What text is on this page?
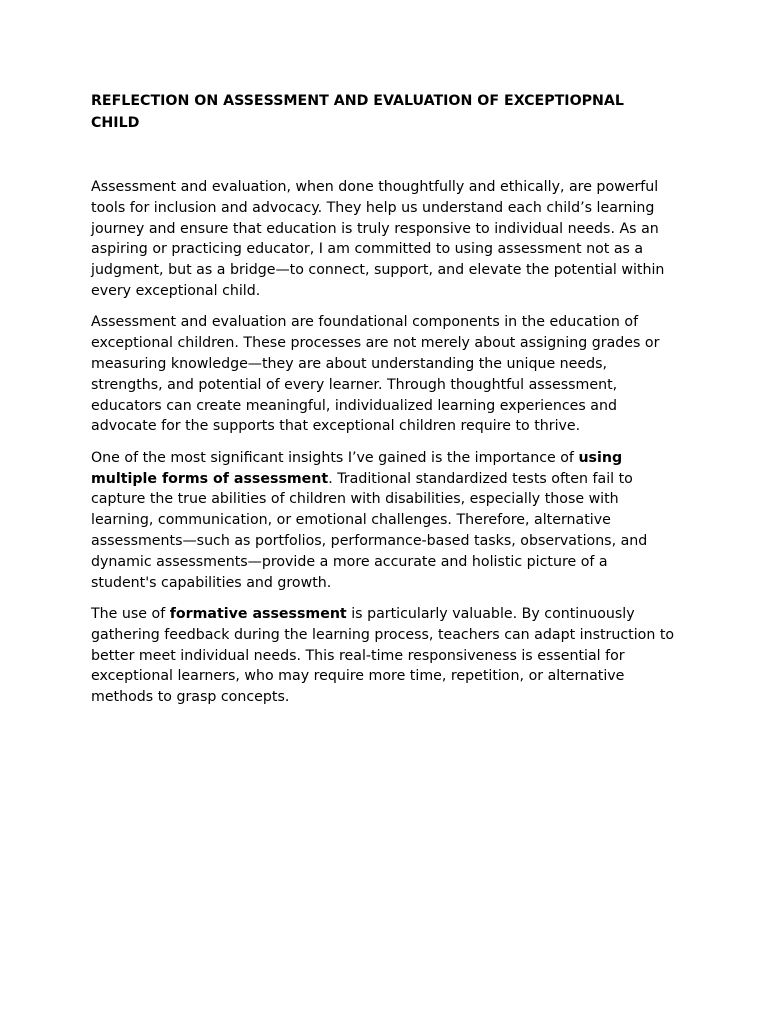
REFLECTION ON ASSESSMENT AND EVALUATION OF EXCEPTIOPNAL CHILD

Assessment and evaluation, when done thoughtfully and ethically, are powerful tools for inclusion and advocacy. They help us understand each child’s learning journey and ensure that education is truly responsive to individual needs. As an aspiring or practicing educator, I am committed to using assessment not as a judgment, but as a bridge—to connect, support, and elevate the potential within every exceptional child.

Assessment and evaluation are foundational components in the education of exceptional children. These processes are not merely about assigning grades or measuring knowledge—they are about understanding the unique needs, strengths, and potential of every learner. Through thoughtful assessment, educators can create meaningful, individualized learning experiences and advocate for the supports that exceptional children require to thrive.

One of the most significant insights I’ve gained is the importance of using multiple forms of assessment. Traditional standardized tests often fail to capture the true abilities of children with disabilities, especially those with learning, communication, or emotional challenges. Therefore, alternative assessments—such as portfolios, performance-based tasks, observations, and dynamic assessments—provide a more accurate and holistic picture of a student's capabilities and growth.

The use of formative assessment is particularly valuable. By continuously gathering feedback during the learning process, teachers can adapt instruction to better meet individual needs. This real-time responsiveness is essential for exceptional learners, who may require more time, repetition, or alternative methods to grasp concepts.
